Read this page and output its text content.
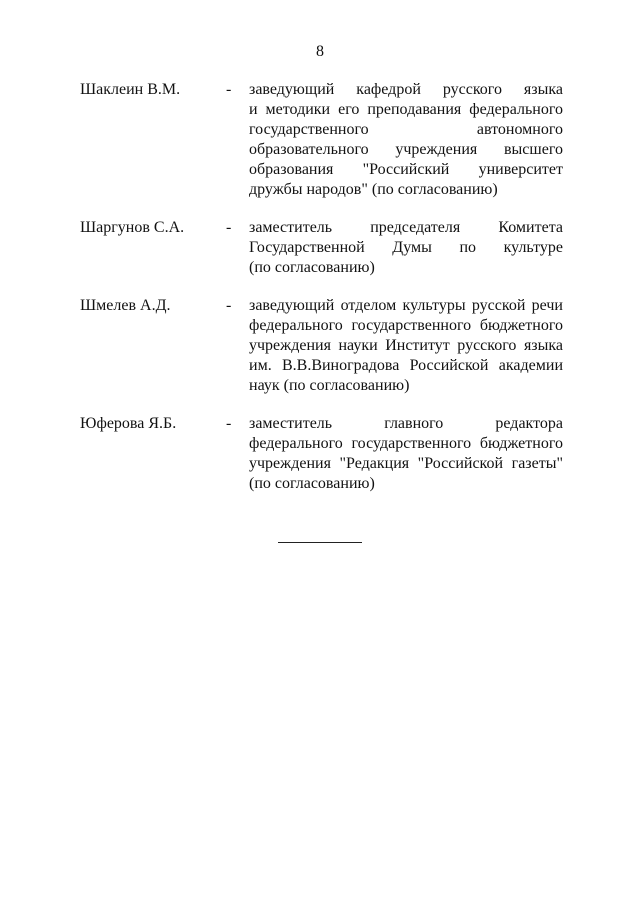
8
Шаклеин В.М.	- заведующий кафедрой русского языка
и методики его преподавания федерального
государственного автономного
образовательного учреждения высшего
образования "Российский университет
дружбы народов" (по согласованию)
Шаргунов С.А.	- заместитель председателя Комитета
Государственной Думы по культуре
(по согласованию)
Шмелев А.Д.	- заведующий отделом культуры русской речи
федерального государственного бюджетного
учреждения науки Институт русского языка
им. В.В.Виноградова Российской академии
наук (по согласованию)
Юферова Я.Б.	- заместитель главного редактора
федерального государственного бюджетного
учреждения "Редакция "Российской газеты"
(по согласованию)
